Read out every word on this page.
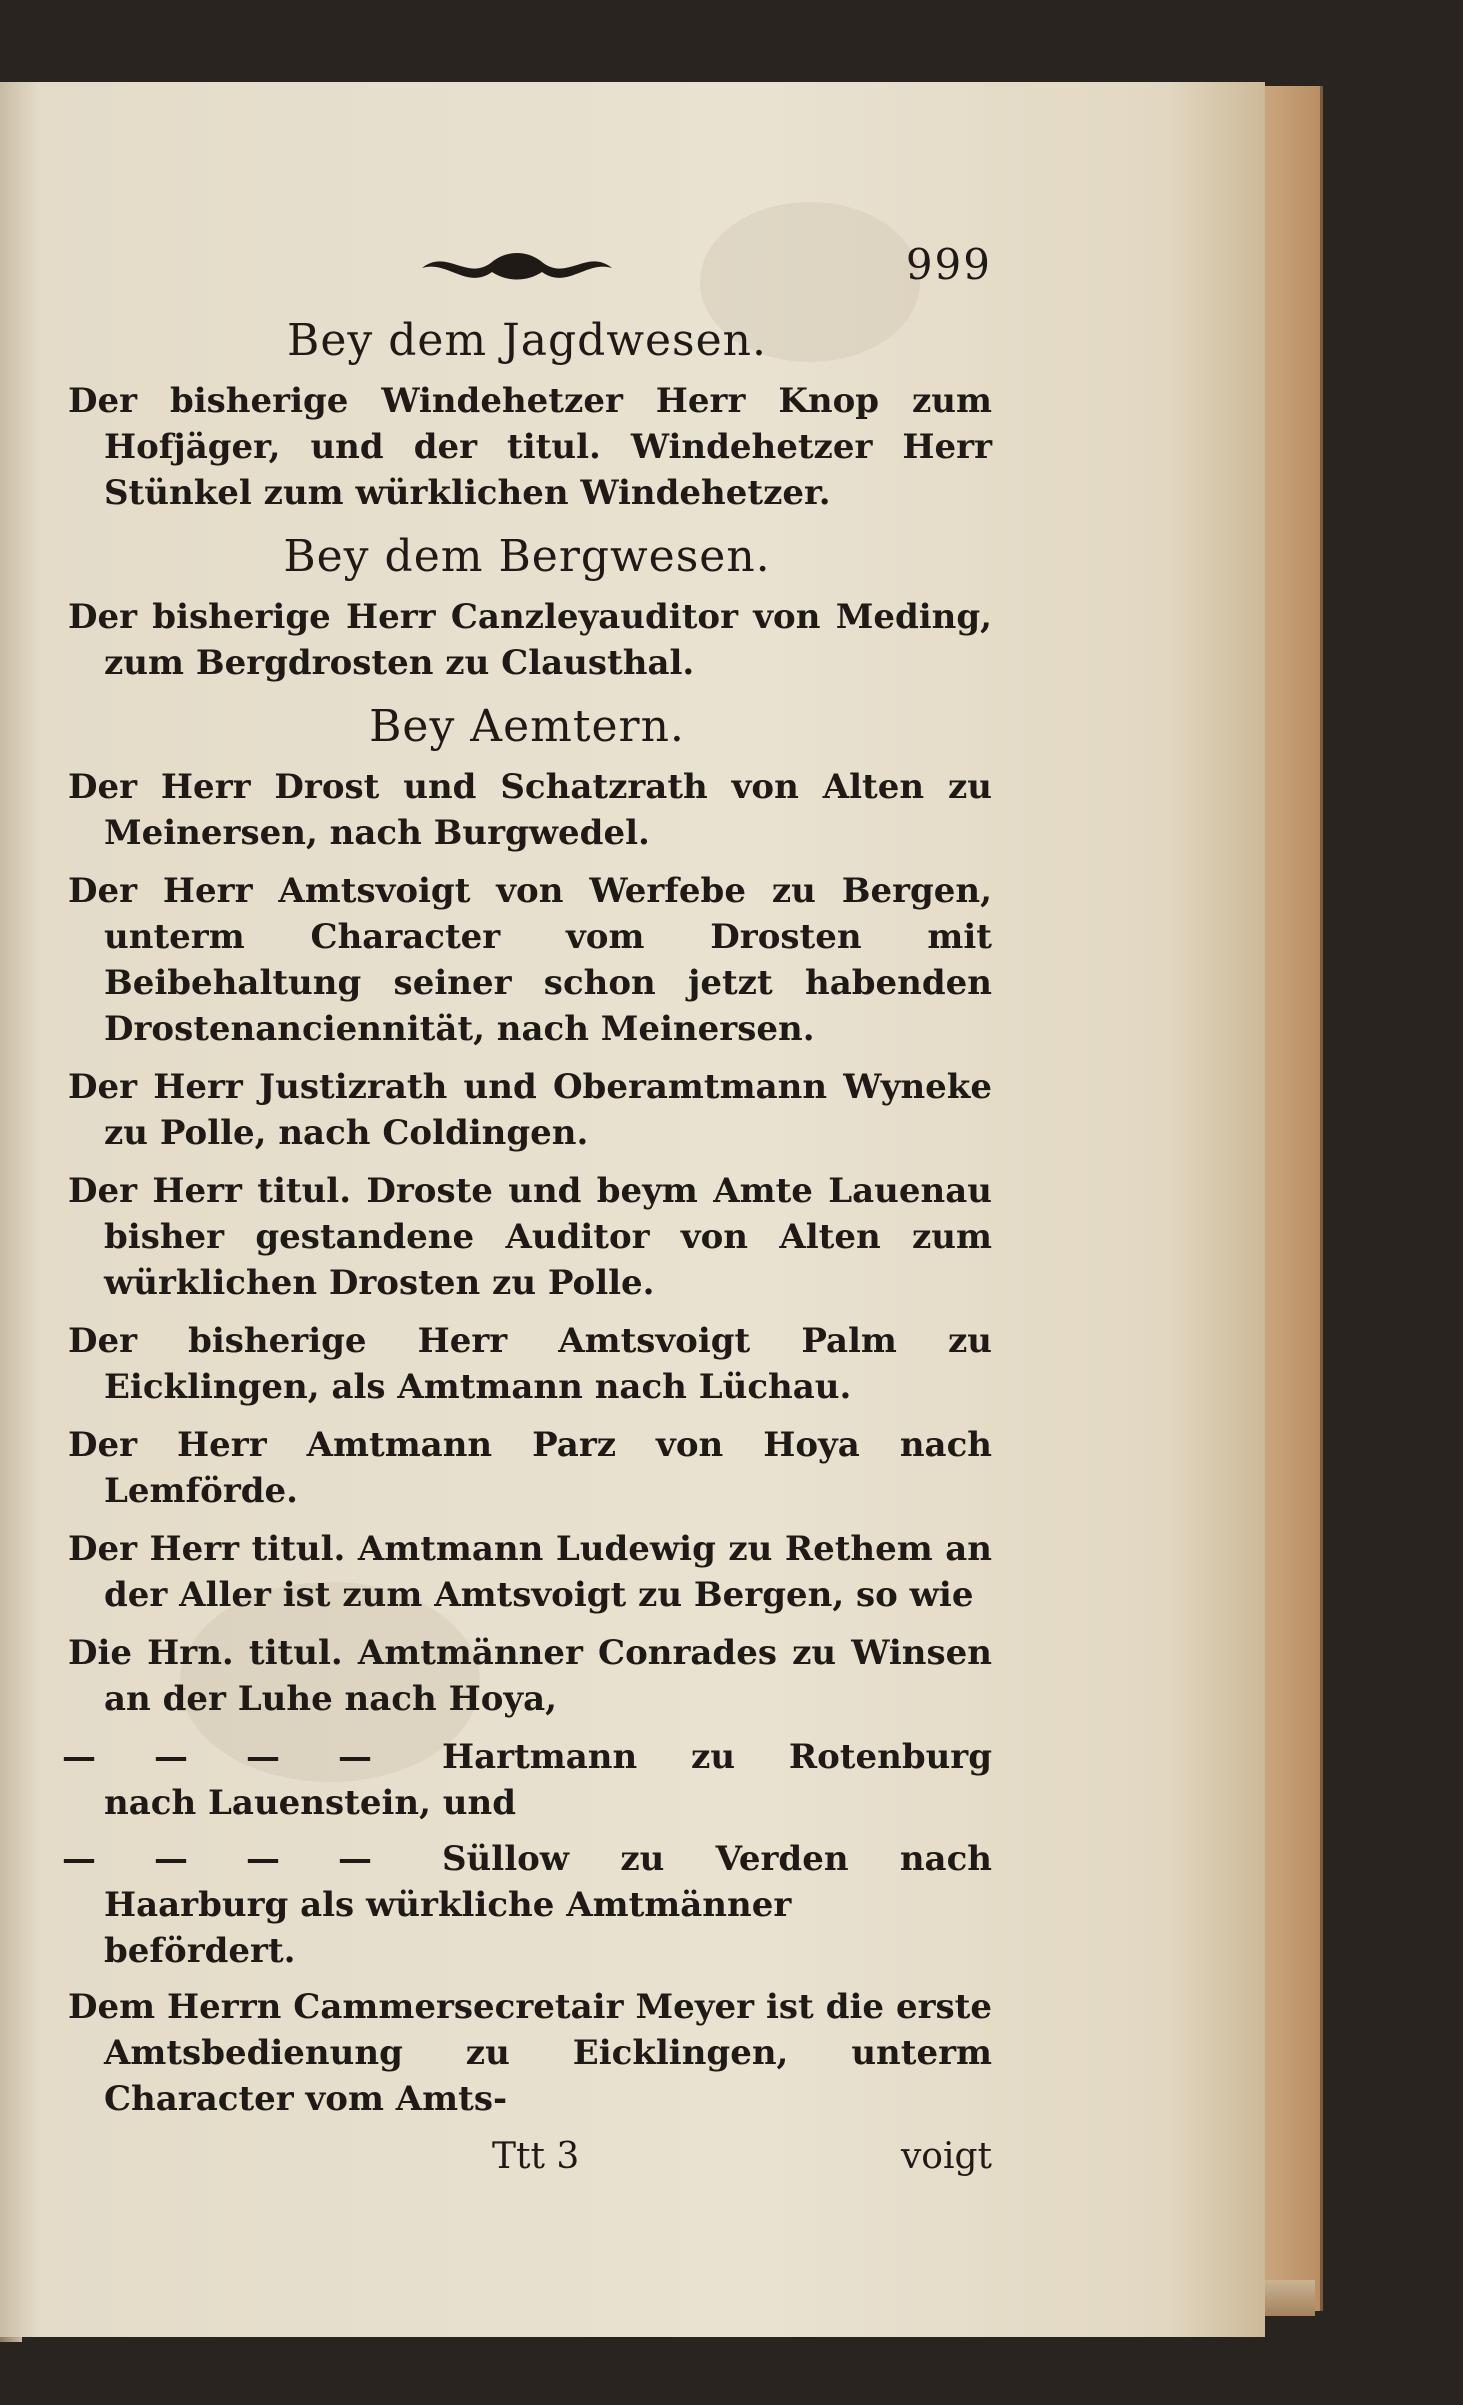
999
Bey dem Jagdwesen.

Der bisherige Windehetzer Herr Knop zum Hofjäger, und der titul. Windehetzer Herr Stünkel zum würklichen Windehetzer.

Bey dem Bergwesen.

Der bisherige Herr Canzleyauditor von Meding, zum Bergdrosten zu Clausthal.

Bey Aemtern.

Der Herr Drost und Schatzrath von Alten zu Meinersen, nach Burgwedel.

Der Herr Amtsvoigt von Werfebe zu Bergen, unterm Character vom Drosten mit Beibehaltung seiner schon jetzt habenden Drostenanciennität, nach Meinersen.

Der Herr Justizrath und Oberamtmann Wyneke zu Polle, nach Coldingen.

Der Herr titul. Droste und beym Amte Lauenau bisher gestandene Auditor von Alten zum würklichen Drosten zu Polle.

Der bisherige Herr Amtsvoigt Palm zu Eicklingen, als Amtmann nach Lüchau.

Der Herr Amtmann Parz von Hoya nach Lemförde.

Der Herr titul. Amtmann Ludewig zu Rethem an der Aller ist zum Amtsvoigt zu Bergen, so wie

Die Hrn. titul. Amtmänner Conrades zu Winsen an der Luhe nach Hoya,

— — — — Hartmann zu Rotenburg

nach Lauenstein, und

— — — — Süllow zu Verden nach

Haarburg als würkliche Amtmänner befördert.

Dem Herrn Cammersecretair Meyer ist die erste Amtsbedienung zu Eicklingen, unterm Character vom Amts-

Ttt 3	voigt
